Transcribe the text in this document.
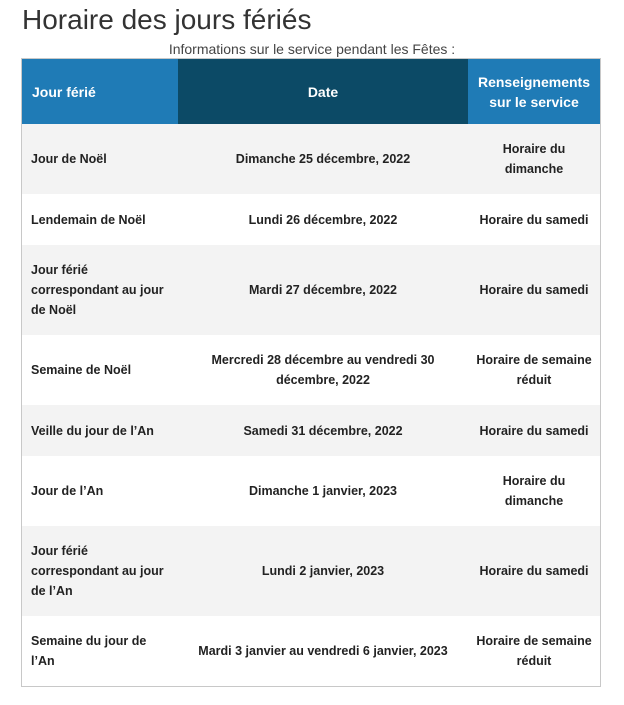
Horaire des jours fériés
Informations sur le service pendant les Fêtes :
Jour férié	Date	Renseignements sur le service
Jour de Noël	Dimanche 25 décembre, 2022	Horaire du dimanche
Lendemain de Noël	Lundi 26 décembre, 2022	Horaire du samedi
Jour férié correspondant au jour de Noël	Mardi 27 décembre, 2022	Horaire du samedi
Semaine de Noël	Mercredi 28 décembre au vendredi 30 décembre, 2022	Horaire de semaine réduit
Veille du jour de l’An	Samedi 31 décembre, 2022	Horaire du samedi
Jour de l’An	Dimanche 1 janvier, 2023	Horaire du dimanche
Jour férié correspondant au jour de l’An	Lundi 2 janvier, 2023	Horaire du samedi
Semaine du jour de l’An	Mardi 3 janvier au vendredi 6 janvier, 2023	Horaire de semaine réduit
